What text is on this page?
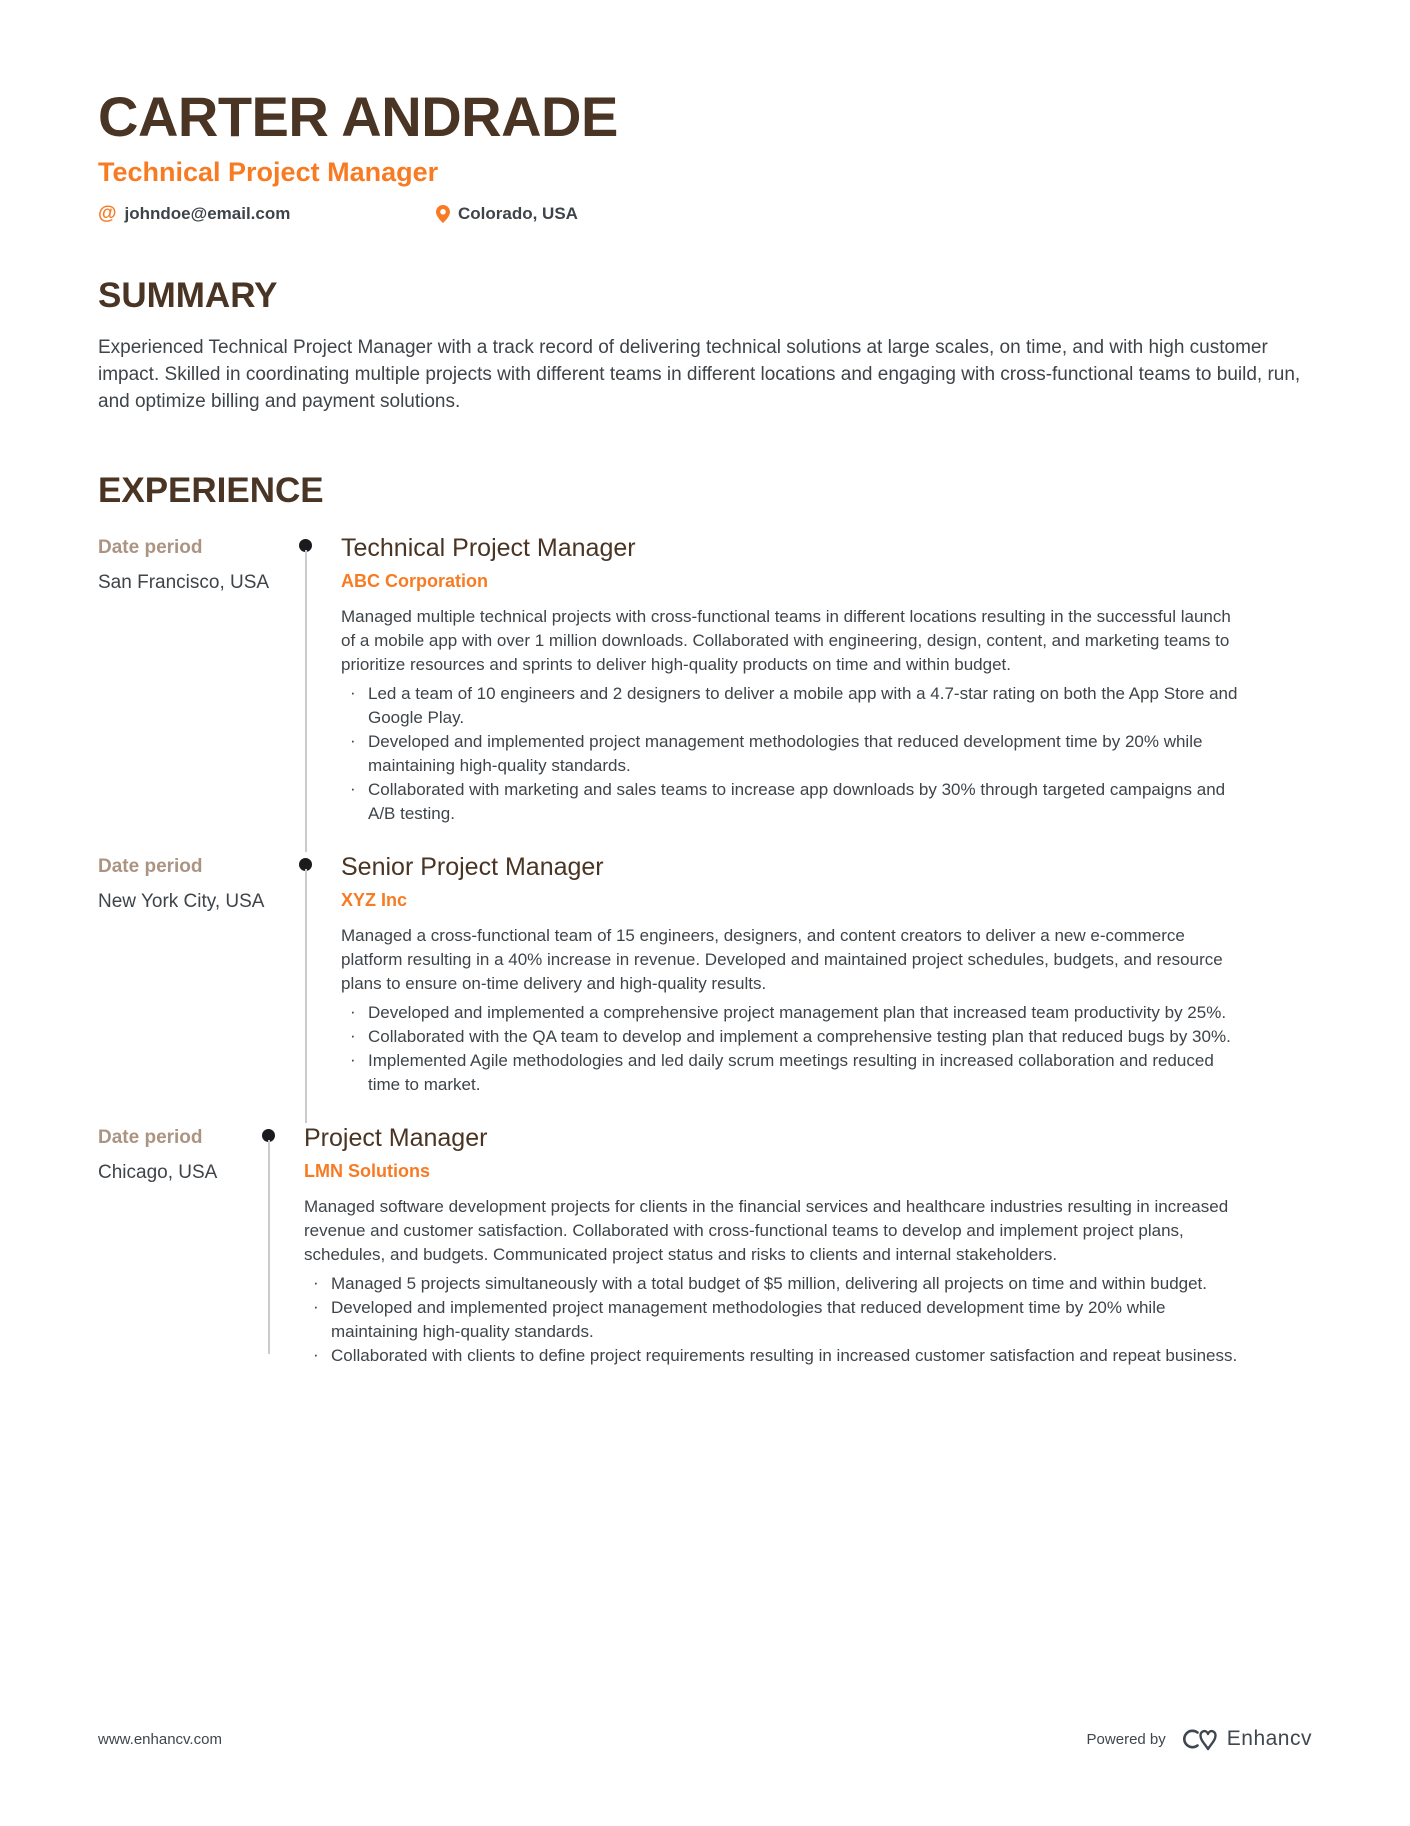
CARTER ANDRADE
Technical Project Manager
@ johndoe@email.com	Colorado, USA
SUMMARY

Experienced Technical Project Manager with a track record of delivering technical solutions at large scales, on time, and with high customer impact. Skilled in coordinating multiple projects with different teams in different locations and engaging with cross-functional teams to build, run, and optimize billing and payment solutions.

EXPERIENCE
Date period
San Francisco, USA
Technical Project Manager
ABC Corporation

Managed multiple technical projects with cross-functional teams in different locations resulting in the successful launch of a mobile app with over 1 million downloads. Collaborated with engineering, design, content, and marketing teams to prioritize resources and sprints to deliver high-quality products on time and within budget.

· Led a team of 10 engineers and 2 designers to deliver a mobile app with a 4.7-star rating on both the App Store and Google Play.
· Developed and implemented project management methodologies that reduced development time by 20% while maintaining high-quality standards.
· Collaborated with marketing and sales teams to increase app downloads by 30% through targeted campaigns and A/B testing.
Date period
New York City, USA
Senior Project Manager
XYZ Inc

Managed a cross-functional team of 15 engineers, designers, and content creators to deliver a new e-commerce platform resulting in a 40% increase in revenue. Developed and maintained project schedules, budgets, and resource plans to ensure on-time delivery and high-quality results.

· Developed and implemented a comprehensive project management plan that increased team productivity by 25%.
· Collaborated with the QA team to develop and implement a comprehensive testing plan that reduced bugs by 30%.
· Implemented Agile methodologies and led daily scrum meetings resulting in increased collaboration and reduced time to market.
Date period
Chicago, USA
Project Manager
LMN Solutions

Managed software development projects for clients in the financial services and healthcare industries resulting in increased revenue and customer satisfaction. Collaborated with cross-functional teams to develop and implement project plans, schedules, and budgets. Communicated project status and risks to clients and internal stakeholders.

· Managed 5 projects simultaneously with a total budget of $5 million, delivering all projects on time and within budget.
· Developed and implemented project management methodologies that reduced development time by 20% while maintaining high-quality standards.
· Collaborated with clients to define project requirements resulting in increased customer satisfaction and repeat business.
www.enhancv.com	Powered by	Enhancv
